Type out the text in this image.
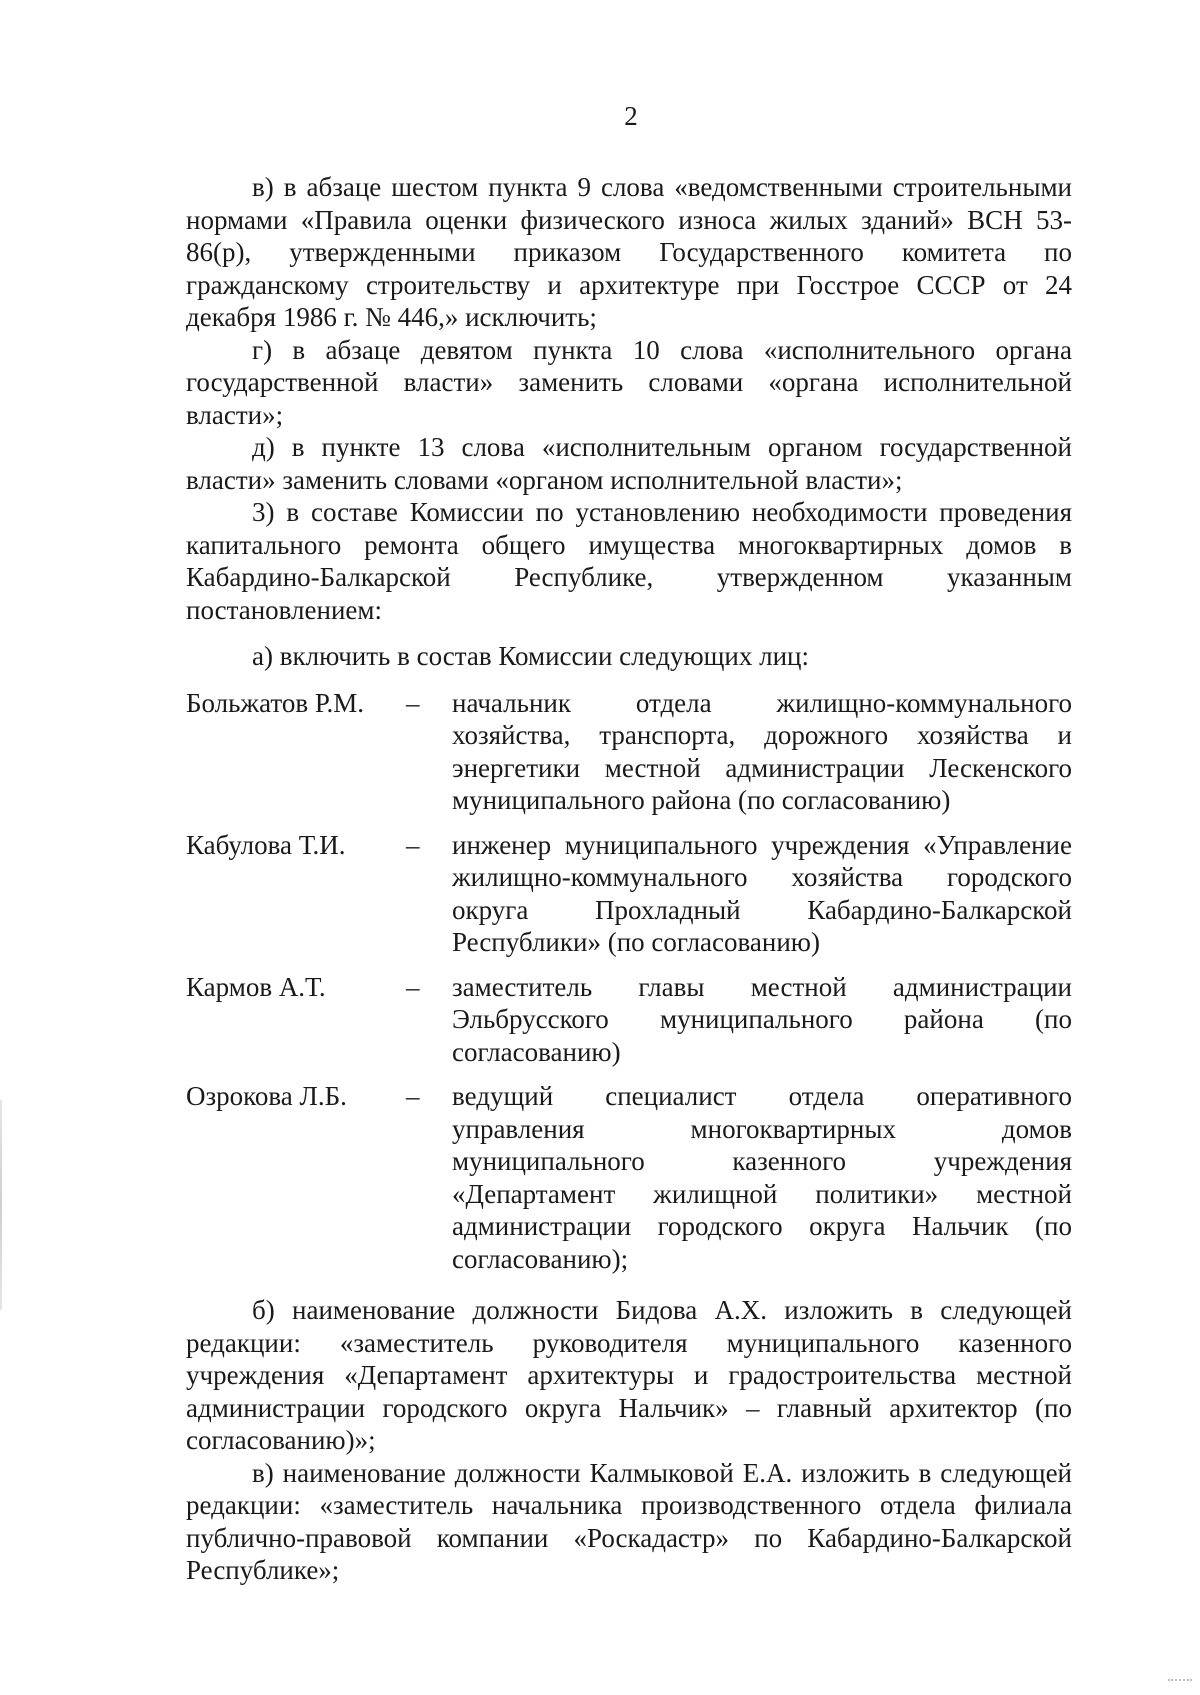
2

в) в абзаце шестом пункта 9 слова «ведомственными строительными нормами «Правила оценки физического износа жилых зданий» ВСН 53-86(р), утвержденными приказом Государственного комитета по гражданскому строительству и архитектуре при Госстрое СССР от 24 декабря 1986 г. № 446,» исключить;

г) в абзаце девятом пункта 10 слова «исполнительного органа государственной власти» заменить словами «органа исполнительной власти»;

д) в пункте 13 слова «исполнительным органом государственной власти» заменить словами «органом исполнительной власти»;

3) в составе Комиссии по установлению необходимости проведения капитального ремонта общего имущества многоквартирных домов в Кабардино-Балкарской Республике, утвержденном указанным постановлением:

а) включить в состав Комиссии следующих лиц:

Больжатов Р.М.	–	начальник отдела жилищно-коммунального хозяйства, транспорта, дорожного хозяйства и энергетики местной администрации Лескенского муниципального района (по согласованию)
Кабулова Т.И.	–	инженер муниципального учреждения «Управление жилищно-коммунального хозяйства городского округа Прохладный Кабардино-Балкарской Республики» (по согласованию)
Кармов А.Т.	–	заместитель главы местной администрации Эльбрусского муниципального района (по согласованию)
Озрокова Л.Б.	–	ведущий специалист отдела оперативного управления многоквартирных домов муниципального казенного учреждения «Департамент жилищной политики» местной администрации городского округа Нальчик (по согласованию);

б) наименование должности Бидова А.Х. изложить в следующей редакции: «заместитель руководителя муниципального казенного учреждения «Департамент архитектуры и градостроительства местной администрации городского округа Нальчик» – главный архитектор (по согласованию)»;

в) наименование должности Калмыковой Е.А. изложить в следующей редакции: «заместитель начальника производственного отдела филиала публично-правовой компании «Роскадастр» по Кабардино-Балкарской Республике»;
